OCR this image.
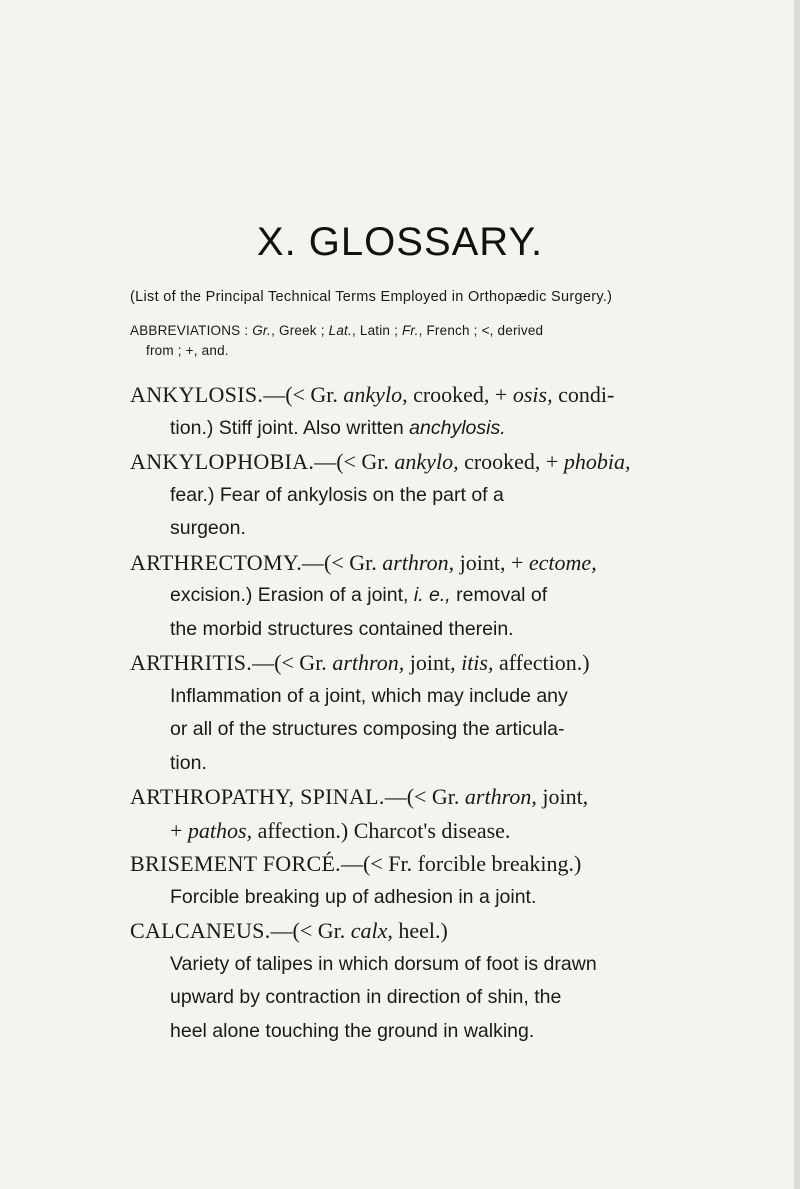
X. GLOSSARY.
(List of the Principal Technical Terms Employed in Orthopædic Surgery.)
ABBREVIATIONS : Gr., Greek ; Lat., Latin ; Fr., French ; <, derived
from ; +, and.
ANKYLOSIS.—(< Gr. ankylo, crooked, + osis, condi-
tion.) Stiff joint. Also written anchylosis.
ANKYLOPHOBIA.—(< Gr. ankylo, crooked, + phobia,
fear.) Fear of ankylosis on the part of a
surgeon.
ARTHRECTOMY.—(< Gr. arthron, joint, + ectome,
excision.) Erasion of a joint, i. e., removal of
the morbid structures contained therein.
ARTHRITIS.—(< Gr. arthron, joint, itis, affection.)
Inflammation of a joint, which may include any
or all of the structures composing the articula-
tion.
ARTHROPATHY, SPINAL.—(< Gr. arthron, joint,
+ pathos, affection.) Charcot's disease.
BRISEMENT FORCÉ.—(< Fr. forcible breaking.)
Forcible breaking up of adhesion in a joint.
CALCANEUS.—(< Gr. calx, heel.)
Variety of talipes in which dorsum of foot is drawn
upward by contraction in direction of shin, the
heel alone touching the ground in walking.
